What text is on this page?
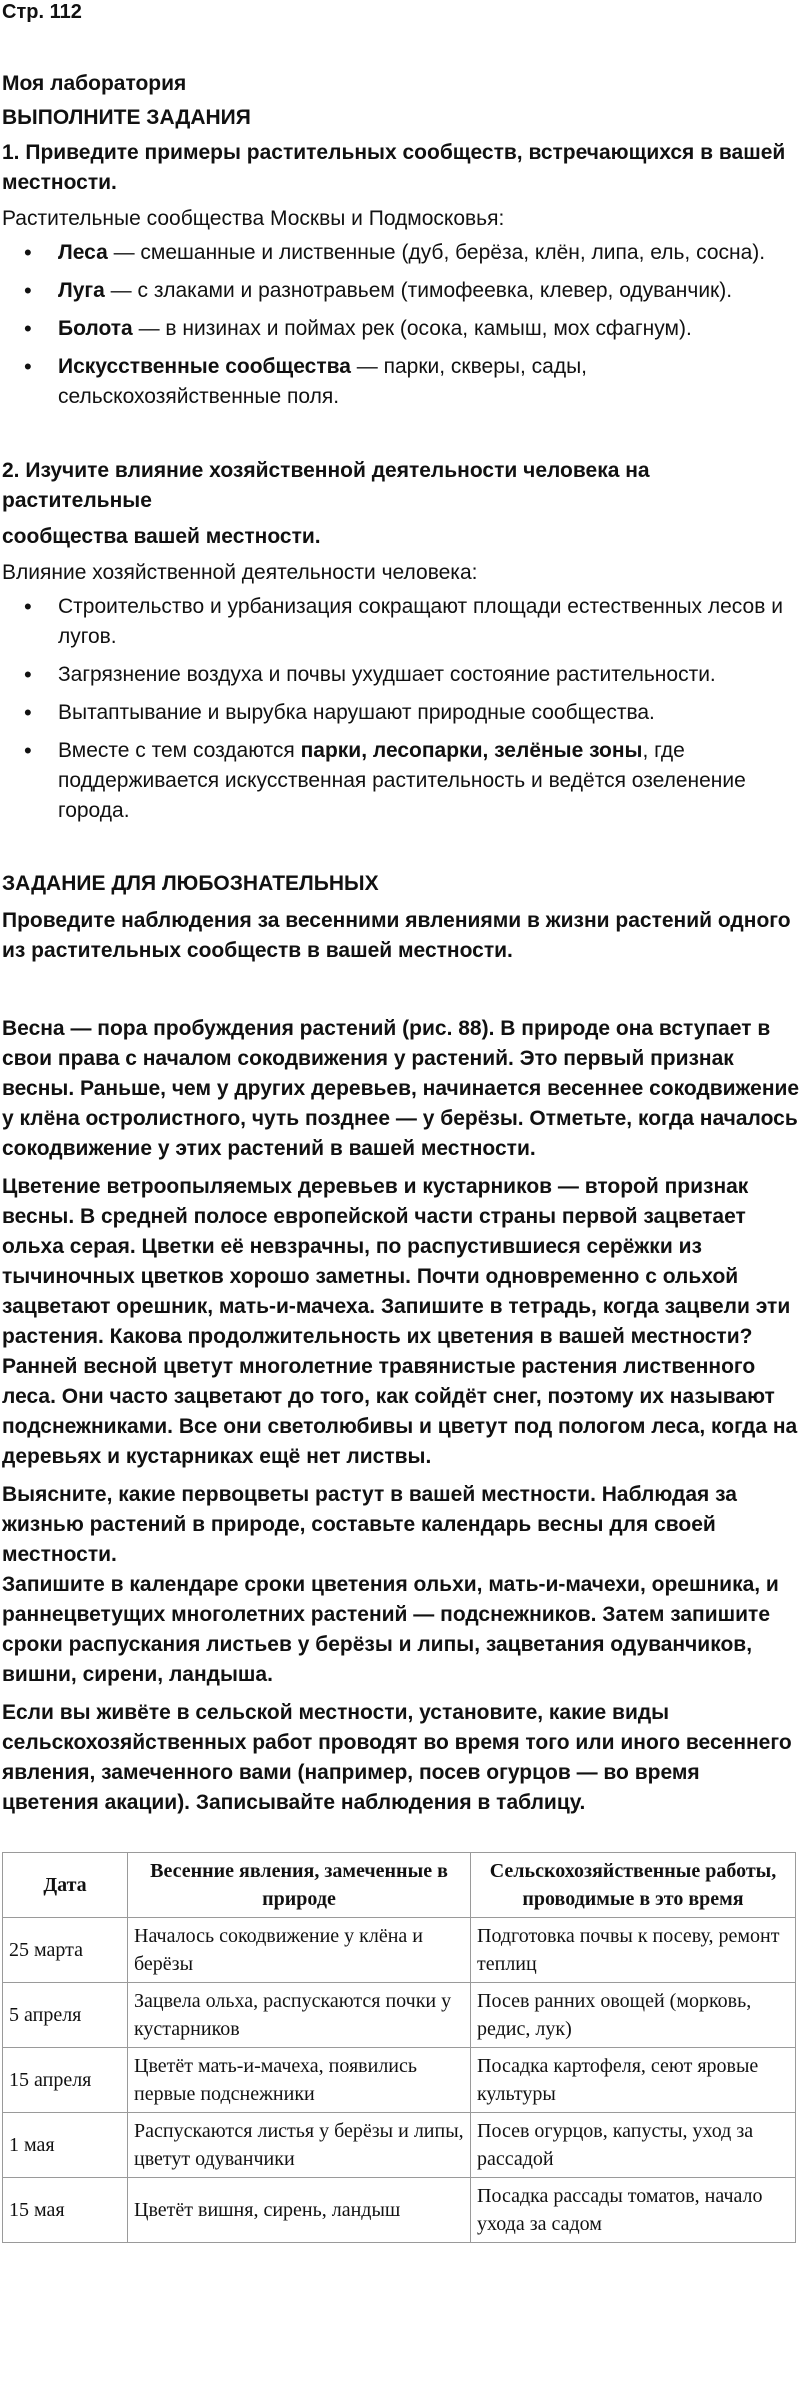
Стр. 112
Моя лаборатория
ВЫПОЛНИТЕ ЗАДАНИЯ
1. Приведите примеры растительных сообществ, встречающихся в вашей местности.
Растительные сообщества Москвы и Подмосковья:
• Леса — смешанные и лиственные (дуб, берёза, клён, липа, ель, сосна).
• Луга — с злаками и разнотравьем (тимофеевка, клевер, одуванчик).
• Болота — в низинах и поймах рек (осока, камыш, мох сфагнум).
• Искусственные сообщества — парки, скверы, сады, сельскохозяйственные поля.
2. Изучите влияние хозяйственной деятельности человека на растительные
сообщества вашей местности.
Влияние хозяйственной деятельности человека:
• Строительство и урбанизация сокращают площади естественных лесов и лугов.
• Загрязнение воздуха и почвы ухудшает состояние растительности.
• Вытаптывание и вырубка нарушают природные сообщества.
• Вместе с тем создаются парки, лесопарки, зелёные зоны, где поддерживается искусственная растительность и ведётся озеленение города.
ЗАДАНИЕ ДЛЯ ЛЮБОЗНАТЕЛЬНЫХ
Проведите наблюдения за весенними явлениями в жизни растений одного из растительных сообществ в вашей местности.
Весна — пора пробуждения растений (рис. 88). В природе она вступает в свои права с началом сокодвижения у растений. Это первый признак весны. Раньше, чем у других деревьев, начинается весеннее сокодвижение у клёна остролистного, чуть позднее — у берёзы. Отметьте, когда началось сокодвижение у этих растений в вашей местности.
Цветение ветроопыляемых деревьев и кустарников — второй признак весны. В средней полосе европейской части страны первой зацветает ольха серая. Цветки её невзрачны, по распустившиеся серёжки из тычиночных цветков хорошо заметны. Почти одновременно с ольхой зацветают орешник, мать-и-мачеха. Запишите в тетрадь, когда зацвели эти растения. Какова продолжительность их цветения в вашей местности? Ранней весной цветут многолетние травянистые растения лиственного леса. Они часто зацветают до того, как сойдёт снег, поэтому их называют подснежниками. Все они светолюбивы и цветут под пологом леса, когда на деревьях и кустарниках ещё нет листвы.
Выясните, какие первоцветы растут в вашей местности. Наблюдая за жизнью растений в природе, составьте календарь весны для своей местности.
Запишите в календаре сроки цветения ольхи, мать-и-мачехи, орешника, и раннецветущих многолетних растений — подснежников. Затем запишите сроки распускания листьев у берёзы и липы, зацветания одуванчиков, вишни, сирени, ландыша.
Если вы живёте в сельской местности, установите, какие виды сельскохозяйственных работ проводят во время того или иного весеннего явления, замеченного вами (например, посев огурцов — во время цветения акации). Записывайте наблюдения в таблицу.
Дата	Весенние явления, замеченные в природе	Сельскохозяйственные работы, проводимые в это время
25 марта	Началось сокодвижение у клёна и берёзы	Подготовка почвы к посеву, ремонт теплиц
5 апреля	Зацвела ольха, распускаются почки у кустарников	Посев ранних овощей (морковь, редис, лук)
15 апреля	Цветёт мать-и-мачеха, появились первые подснежники	Посадка картофеля, сеют яровые культуры
1 мая	Распускаются листья у берёзы и липы, цветут одуванчики	Посев огурцов, капусты, уход за рассадой
15 мая	Цветёт вишня, сирень, ландыш	Посадка рассады томатов, начало ухода за садом
